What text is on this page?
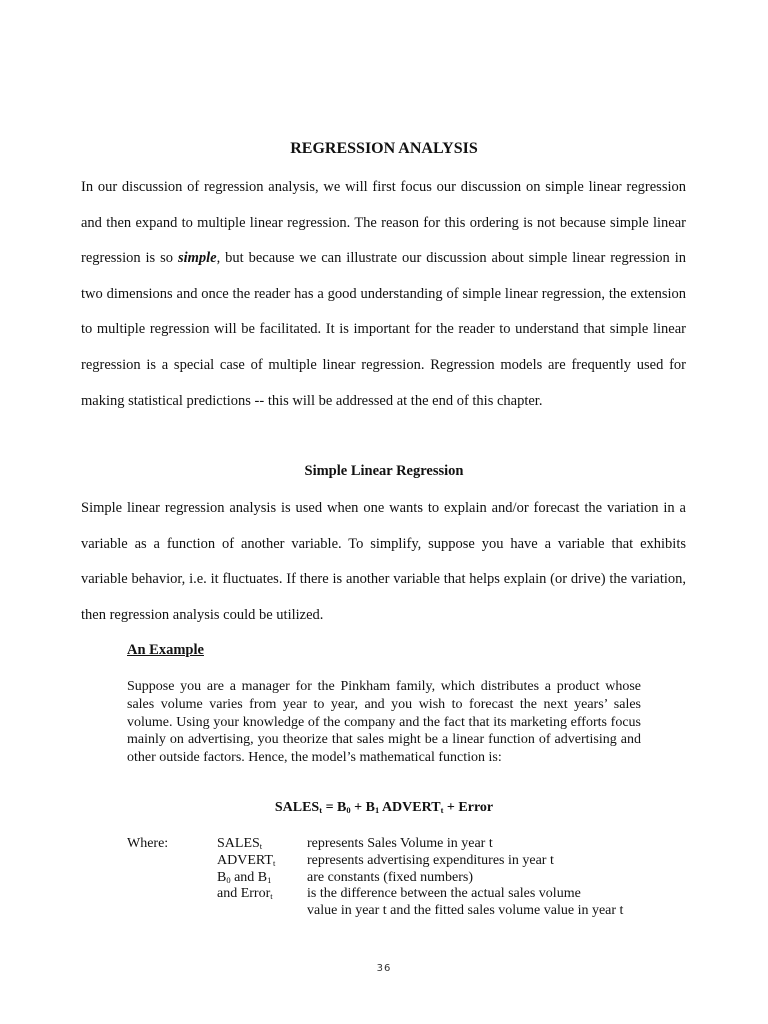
REGRESSION ANALYSIS
In our discussion of regression analysis, we will first focus our discussion on simple linear regression and then expand to multiple linear regression. The reason for this ordering is not because simple linear regression is so simple, but because we can illustrate our discussion about simple linear regression in two dimensions and once the reader has a good understanding of simple linear regression, the extension to multiple regression will be facilitated. It is important for the reader to understand that simple linear regression is a special case of multiple linear regression. Regression models are frequently used for making statistical predictions -- this will be addressed at the end of this chapter.
Simple Linear Regression
Simple linear regression analysis is used when one wants to explain and/or forecast the variation in a variable as a function of another variable. To simplify, suppose you have a variable that exhibits variable behavior, i.e. it fluctuates. If there is another variable that helps explain (or drive) the variation, then regression analysis could be utilized.
An Example
Suppose you are a manager for the Pinkham family, which distributes a product whose sales volume varies from year to year, and you wish to forecast the next years’ sales volume. Using your knowledge of the company and the fact that its marketing efforts focus mainly on advertising, you theorize that sales might be a linear function of advertising and other outside factors. Hence, the model’s mathematical function is:
$SALES_t = B_0 + B_1$ $ADVERT_t$ + Error
Where:	$SALES_t$	represents Sales Volume in year t
$ADVERT_t$	represents advertising expenditures in year t
$B_0$ and $B_1$	are constants (fixed numbers)
and Error$_t$	is the difference between the actual sales volume
value in year t and the fitted sales volume value in year t
36
